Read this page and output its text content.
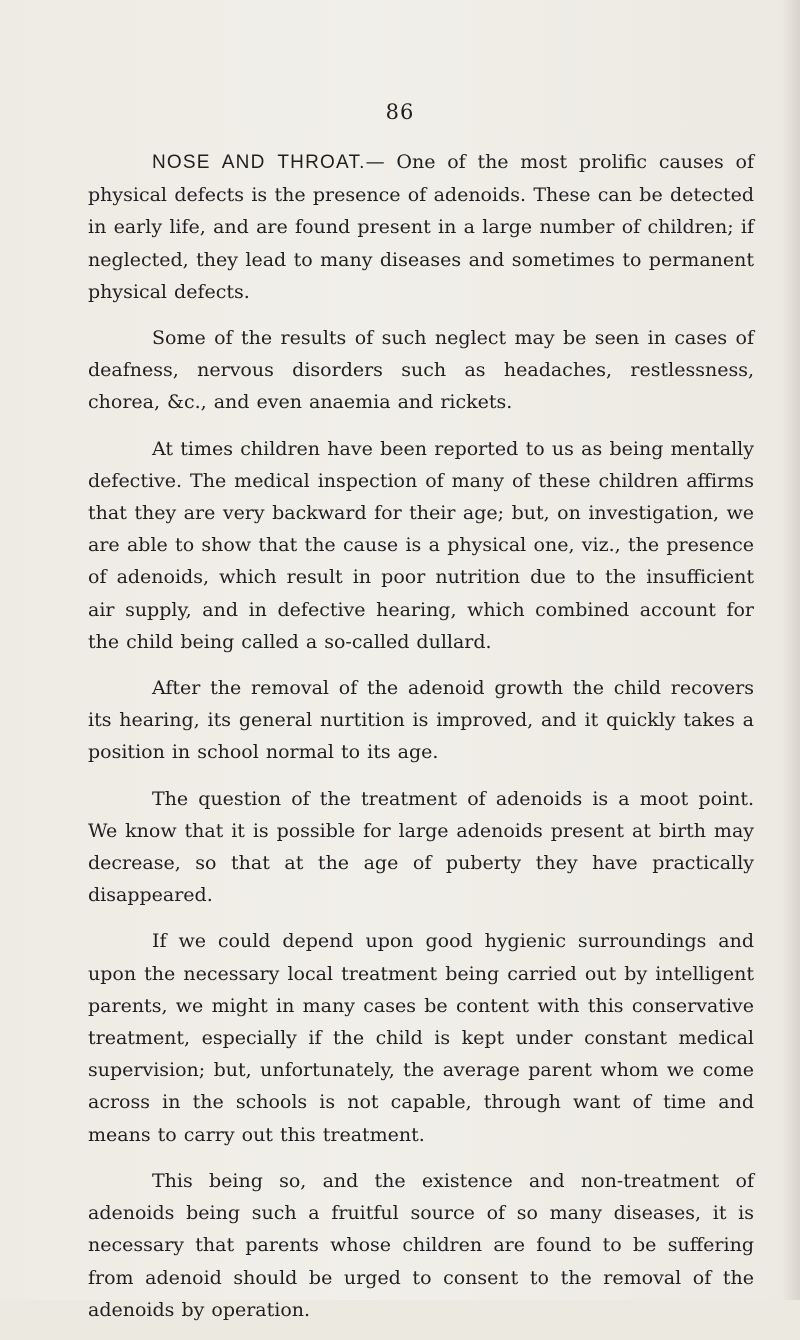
86

NOSE AND THROAT.— One of the most prolific causes of physical defects is the presence of adenoids. These can be detected in early life, and are found present in a large number of children; if neglected, they lead to many diseases and sometimes to permanent physical defects.

Some of the results of such neglect may be seen in cases of deafness, nervous disorders such as headaches, restlessness, chorea, &c., and even anaemia and rickets.

At times children have been reported to us as being mentally defective. The medical inspection of many of these children affirms that they are very backward for their age; but, on investigation, we are able to show that the cause is a physical one, viz., the presence of adenoids, which result in poor nutrition due to the insufficient air supply, and in defective hearing, which combined account for the child being called a so-called dullard.

After the removal of the adenoid growth the child recovers its hearing, its general nurtition is improved, and it quickly takes a position in school normal to its age.

The question of the treatment of adenoids is a moot point. We know that it is possible for large adenoids present at birth may decrease, so that at the age of puberty they have practically disappeared.

If we could depend upon good hygienic surroundings and upon the necessary local treatment being carried out by intelligent parents, we might in many cases be content with this conservative treatment, especially if the child is kept under constant medical supervision; but, unfortunately, the average parent whom we come across in the schools is not capable, through want of time and means to carry out this treatment.

This being so, and the existence and non-treatment of adenoids being such a fruitful source of so many diseases, it is necessary that parents whose children are found to be suffering from adenoid should be urged to consent to the removal of the adenoids by operation.
